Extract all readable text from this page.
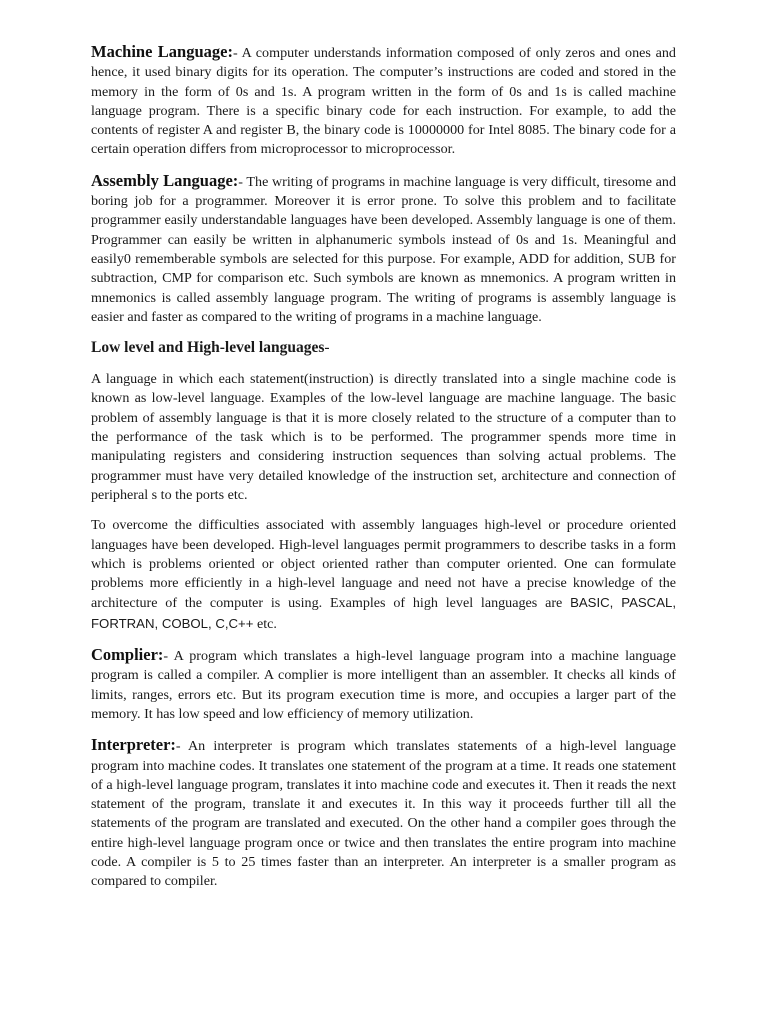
Machine Language:- A computer understands information composed of only zeros and ones and hence, it used binary digits for its operation. The computer’s instructions are coded and stored in the memory in the form of 0s and 1s. A program written in the form of 0s and 1s is called machine language program. There is a specific binary code for each instruction. For example, to add the contents of register A and register B, the binary code is 10000000 for Intel 8085. The binary code for a certain operation differs from microprocessor to microprocessor.

Assembly Language:- The writing of programs in machine language is very difficult, tiresome and boring job for a programmer. Moreover it is error prone. To solve this problem and to facilitate programmer easily understandable languages have been developed. Assembly language is one of them. Programmer can easily be written in alphanumeric symbols instead of 0s and 1s. Meaningful and easily0 rememberable symbols are selected for this purpose. For example, ADD for addition, SUB for subtraction, CMP for comparison etc. Such symbols are known as mnemonics. A program written in mnemonics is called assembly language program. The writing of programs is assembly language is easier and faster as compared to the writing of programs in a machine language.

Low level and High-level languages-

A language in which each statement(instruction) is directly translated into a single machine code is known as low-level language. Examples of the low-level language are machine language. The basic problem of assembly language is that it is more closely related to the structure of a computer than to the performance of the task which is to be performed. The programmer spends more time in manipulating registers and considering instruction sequences than solving actual problems. The programmer must have very detailed knowledge of the instruction set, architecture and connection of peripheral s to the ports etc.

To overcome the difficulties associated with assembly languages high-level or procedure oriented languages have been developed. High-level languages permit programmers to describe tasks in a form which is problems oriented or object oriented rather than computer oriented. One can formulate problems more efficiently in a high-level language and need not have a precise knowledge of the architecture of the computer is using. Examples of high level languages are BASIC, PASCAL, FORTRAN, COBOL, C,C++ etc.

Complier:- A program which translates a high-level language program into a machine language program is called a compiler. A complier is more intelligent than an assembler. It checks all kinds of limits, ranges, errors etc. But its program execution time is more, and occupies a larger part of the memory. It has low speed and low efficiency of memory utilization.

Interpreter:- An interpreter is program which translates statements of a high-level language program into machine codes. It translates one statement of the program at a time. It reads one statement of a high-level language program, translates it into machine code and executes it. Then it reads the next statement of the program, translate it and executes it. In this way it proceeds further till all the statements of the program are translated and executed. On the other hand a compiler goes through the entire high-level language program once or twice and then translates the entire program into machine code. A compiler is 5 to 25 times faster than an interpreter. An interpreter is a smaller program as compared to compiler.
